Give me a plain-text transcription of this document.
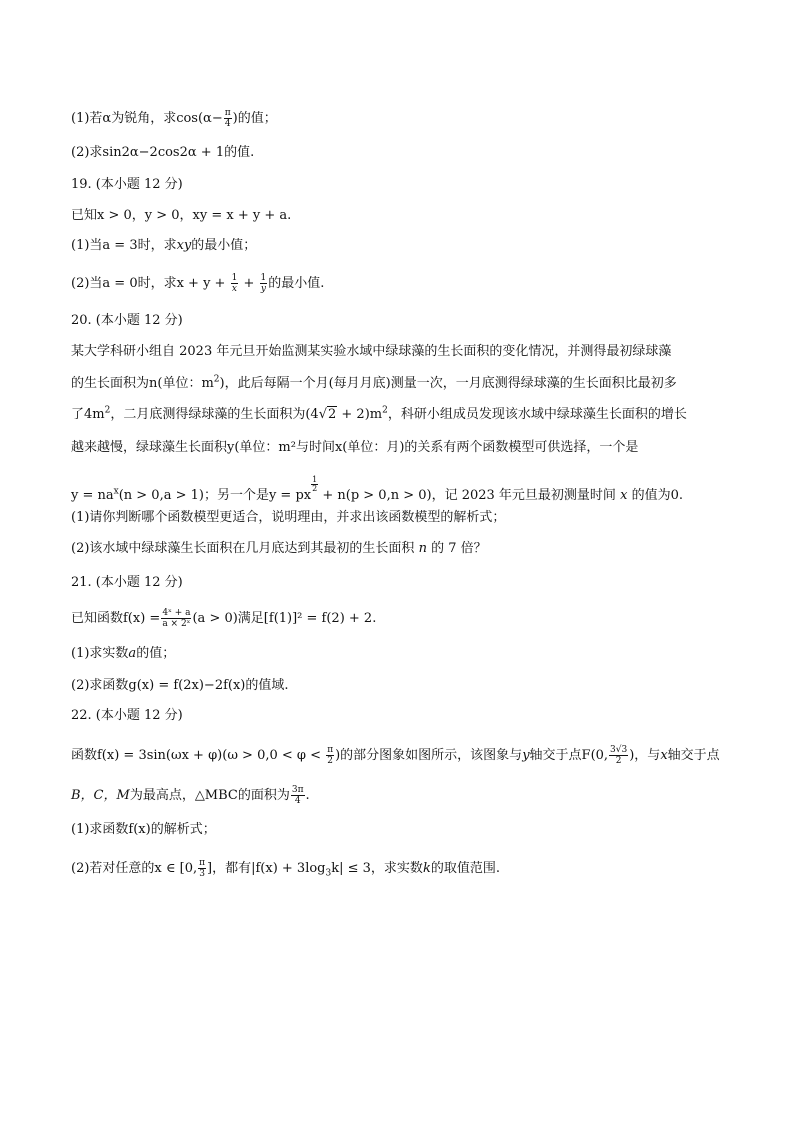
(1)若α为锐角，求$\cos(\alpha- \frac{\pi}{4}$ )的值；
(2)求sin2α−2cos2α + 1的值.
19. (本小题 12 分)
已知x > 0，y > 0，xy = x + y + a.
(1)当a = 3时，求xy的最小值；
(2)当a = 0时，求$x + y + \frac{1}{x} + \frac{1}{y}$ 的最小值.
20. (本小题 12 分)
某大学科研小组自 2023 年元旦开始监测某实验水域中绿球藻的生长面积的变化情况，并测得最初绿球藻
的生长面积为n(单位：$m^2$)，此后每隔一个月(每月月底)测量一次，一月底测得绿球藻的生长面积比最初多
了$4m^2$，二月底测得绿球藻的生长面积为$(4√2 + 2)m^2$，科研小组成员发现该水域中绿球藻生长面积的增长
越来越慢，绿球藻生长面积y(单位：m²与时间x(单位：月)的关系有两个函数模型可供选择，一个是
$y = na^x(n > 0,a > 1)$；另一个是y = px
$\frac{1}{2}$
+ n(p > 0,n > 0)，记 2023 年元旦最初测量时间 x 的值为0.
(1)请你判断哪个函数模型更适合，说明理由，并求出该函数模型的解析式；
(2)该水域中绿球藻生长面积在几月底达到其最初的生长面积 n 的 7 倍？
21. (本小题 12 分)
已知函数$f(x) = \frac{\text{4ˣ + a}}{\text{a × 2ˣ}} (a > 0)$满足[f(1)]² = f(2) + 2.
(1)求实数a的值；
(2)求函数g(x) = f(2x)−2f(x)的值域.
22. (本小题 12 分)
函数$f(x) = 3\sin(\omega x + \varphi)(\omega > 0,0 < \varphi < \frac{\pi}{2}$ )的部分图象如图所示，该图象与y轴交于点F(0, $\frac{3√3}{2}$ )，与x轴交于点
B，C，M为最高点，△MBC的面积为 $\frac{3\pi}{4}$ .
(1)求函数f(x)的解析式；
(2)若对任意的x ∈ [0, $\frac{\pi}{3}$ ]，都有$|f(x) + 3\log_3k| \le 3$，求实数k的取值范围.
